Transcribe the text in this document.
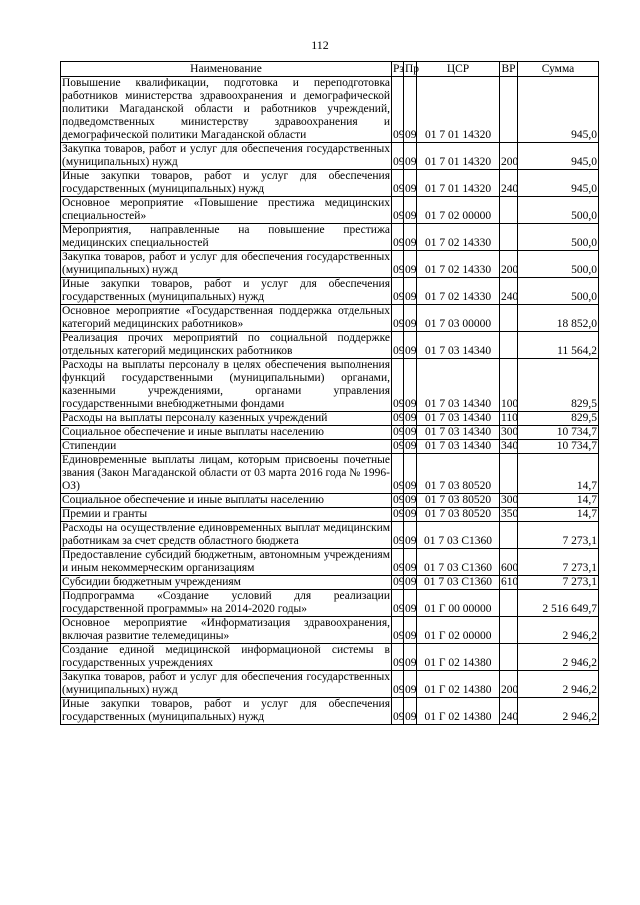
112
Наименование	Рз	Пр	ЦСР	ВР	Сумма
Повышение квалификации, подготовка и переподготовка работников министерства здравоохранения и демографической политики Магаданской области и работников учреждений, подведомственных министерству здравоохранения и демографической политики Магаданской области	09	09	01 7 01 14320		945,0
Закупка товаров, работ и услуг для обеспечения государственных (муниципальных) нужд	09	09	01 7 01 14320	200	945,0
Иные закупки товаров, работ и услуг для обеспечения государственных (муниципальных) нужд	09	09	01 7 01 14320	240	945,0
Основное мероприятие «Повышение престижа медицинских специальностей»	09	09	01 7 02 00000		500,0
Мероприятия, направленные на повышение престижа медицинских специальностей	09	09	01 7 02 14330		500,0
Закупка товаров, работ и услуг для обеспечения государственных (муниципальных) нужд	09	09	01 7 02 14330	200	500,0
Иные закупки товаров, работ и услуг для обеспечения государственных (муниципальных) нужд	09	09	01 7 02 14330	240	500,0
Основное мероприятие «Государственная поддержка отдельных категорий медицинских работников»	09	09	01 7 03 00000		18 852,0
Реализация прочих мероприятий по социальной поддержке отдельных категорий медицинских работников	09	09	01 7 03 14340		11 564,2
Расходы на выплаты персоналу в целях обеспечения выполнения функций государственными (муниципальными) органами, казенными учреждениями, органами управления государственными внебюджетными фондами	09	09	01 7 03 14340	100	829,5
Расходы на выплаты персоналу казенных учреждений	09	09	01 7 03 14340	110	829,5
Социальное обеспечение и иные выплаты населению	09	09	01 7 03 14340	300	10 734,7
Стипендии	09	09	01 7 03 14340	340	10 734,7
Единовременные выплаты лицам, которым присвоены почетные звания (Закон Магаданской области от 03 марта 2016 года № 1996-ОЗ)	09	09	01 7 03 80520		14,7
Социальное обеспечение и иные выплаты населению	09	09	01 7 03 80520	300	14,7
Премии и гранты	09	09	01 7 03 80520	350	14,7
Расходы на осуществление единовременных выплат медицинским работникам за счет средств областного бюджета	09	09	01 7 03 С1360		7 273,1
Предоставление субсидий бюджетным, автономным учреждениям и иным некоммерческим организациям	09	09	01 7 03 С1360	600	7 273,1
Субсидии бюджетным учреждениям	09	09	01 7 03 С1360	610	7 273,1
Подпрограмма «Создание условий для реализации государственной программы» на 2014-2020 годы»	09	09	01 Г 00 00000		2 516 649,7
Основное мероприятие «Информатизация здравоохранения, включая развитие телемедицины»	09	09	01 Г 02 00000		2 946,2
Создание единой медицинской информационой системы в государственных учреждениях	09	09	01 Г 02 14380		2 946,2
Закупка товаров, работ и услуг для обеспечения государственных (муниципальных) нужд	09	09	01 Г 02 14380	200	2 946,2
Иные закупки товаров, работ и услуг для обеспечения государственных (муниципальных) нужд	09	09	01 Г 02 14380	240	2 946,2
